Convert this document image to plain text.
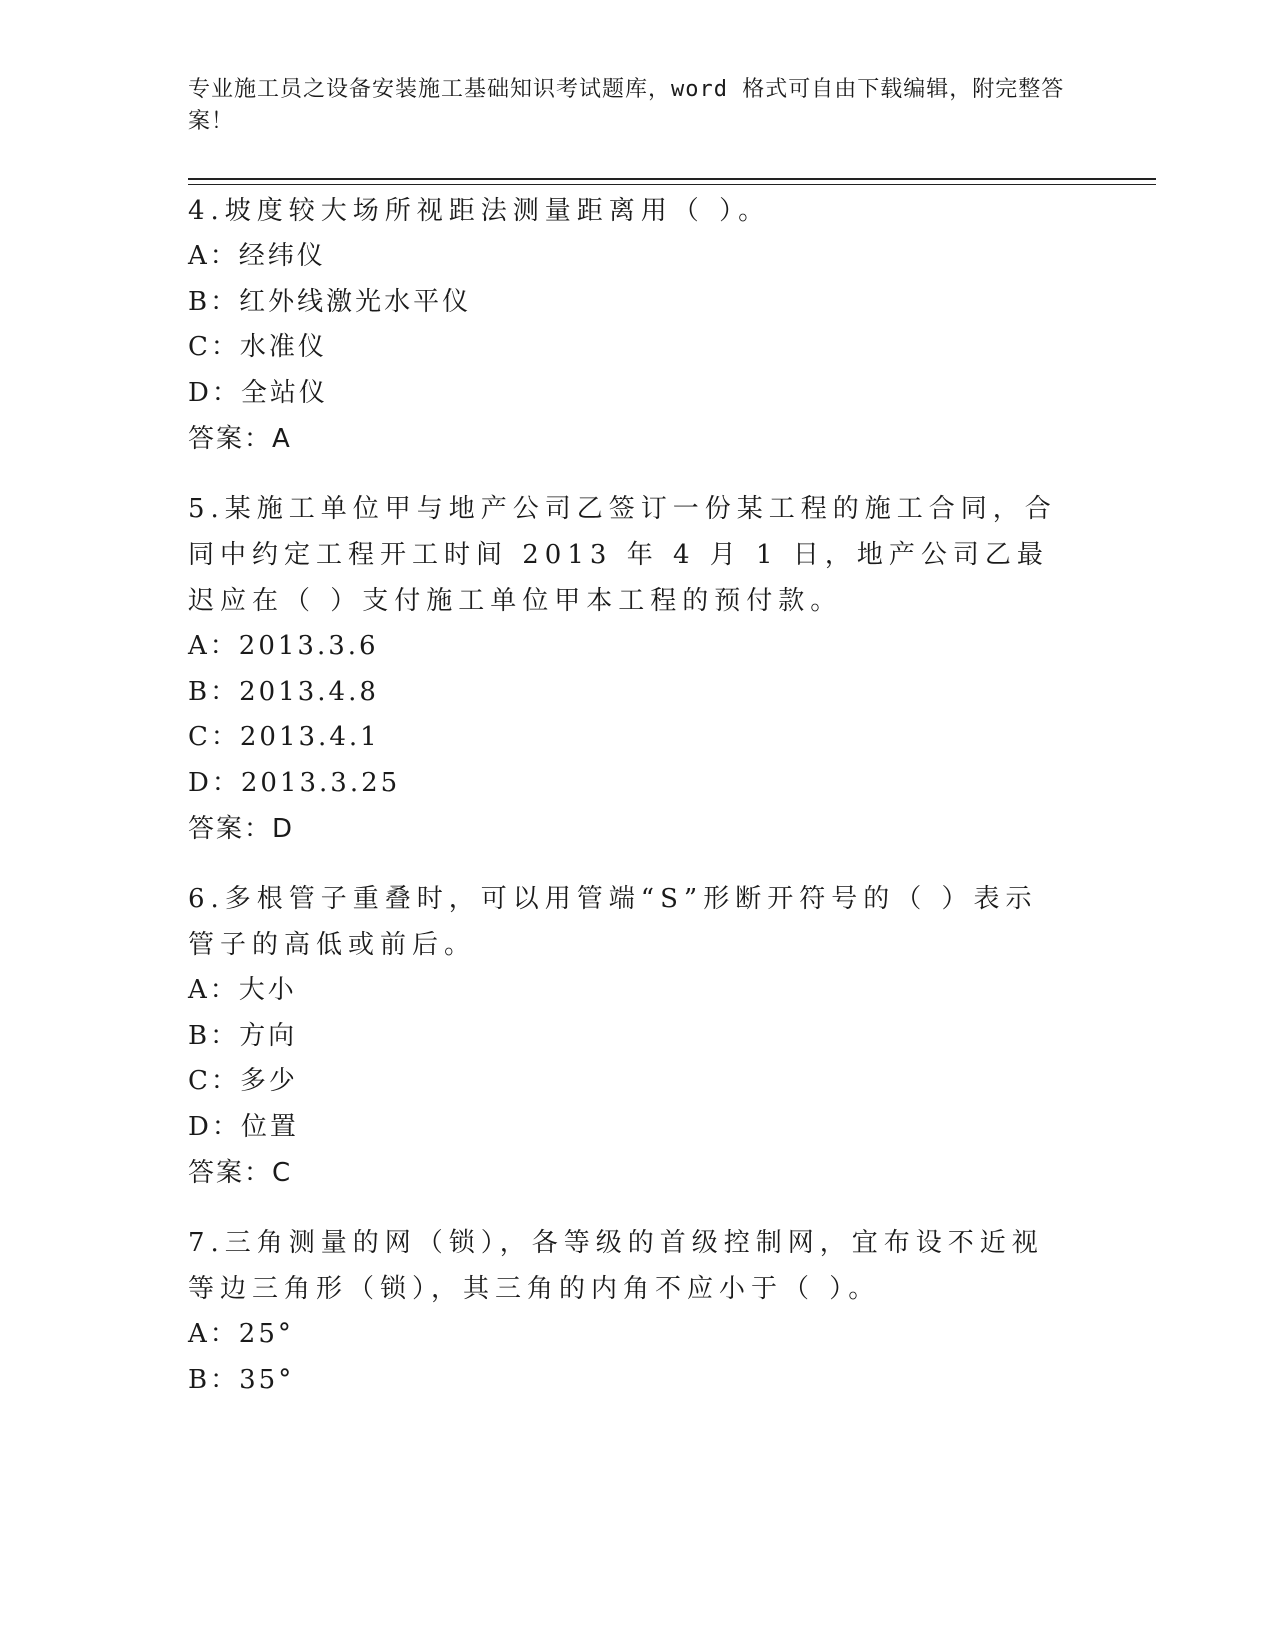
专业施工员之设备安装施工基础知识考试题库，word 格式可自由下载编辑，附完整答案！
4.坡度较大场所视距法测量距离用（ ）。
A：经纬仪
B：红外线激光水平仪
C：水准仪
D：全站仪
答案：A
5.某施工单位甲与地产公司乙签订一份某工程的施工合同，合同中约定工程开工时间 2013 年 4 月 1 日，地产公司乙最迟应在（ ）支付施工单位甲本工程的预付款。
A：2013.3.6
B：2013.4.8
C：2013.4.1
D：2013.3.25
答案：D
6.多根管子重叠时，可以用管端“S”形断开符号的（ ）表示管子的高低或前后。
A：大小
B：方向
C：多少
D：位置
答案：C
7.三角测量的网（锁），各等级的首级控制网，宜布设不近视等边三角形（锁），其三角的内角不应小于（ ）。
A：25°
B：35°
